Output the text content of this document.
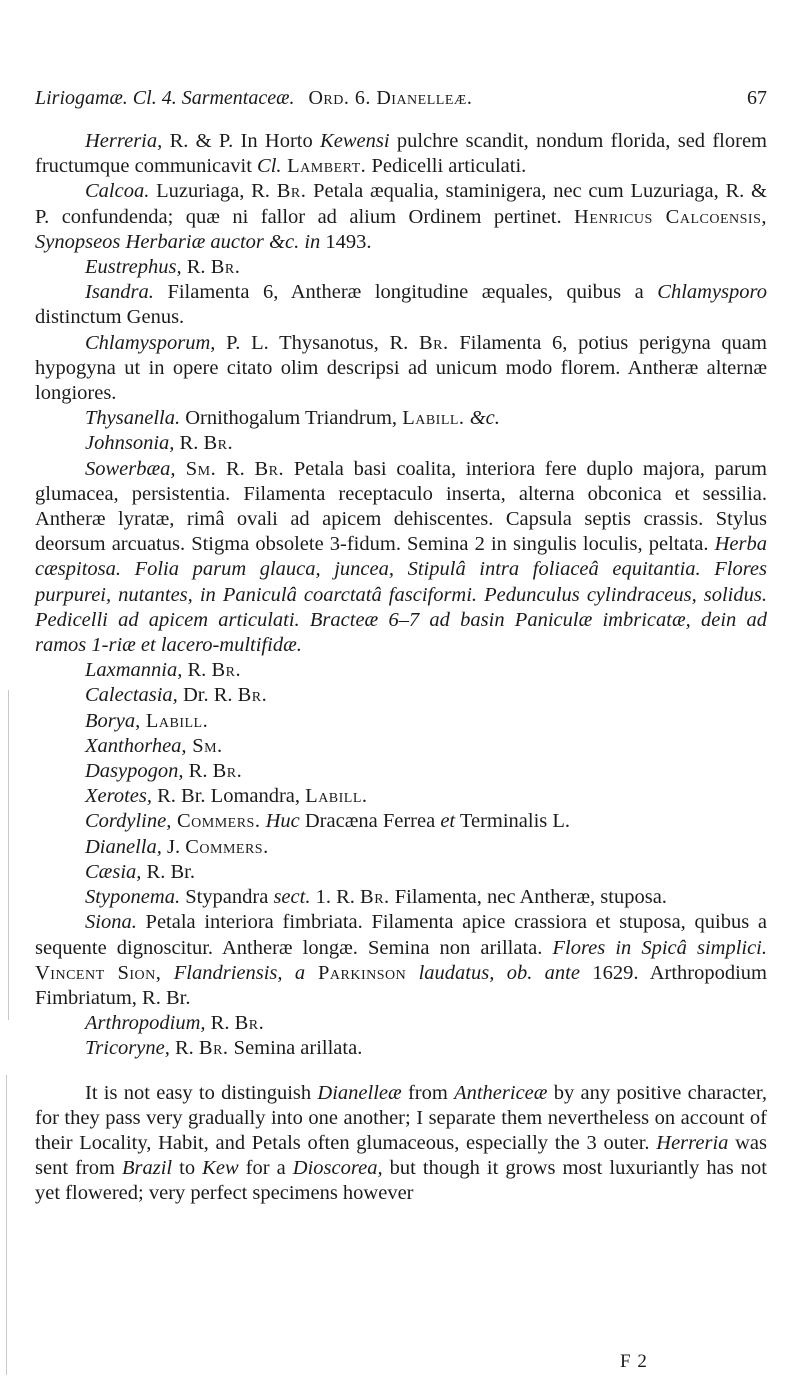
Liriogamæ. Cl. 4. Sarmentaceæ. Ord. 6. Dianelleæ.	67

Herreria, R. & P. In Horto Kewensi pulchre scandit, nondum florida, sed florem fructumque communicavit Cl. Lambert. Pedicelli articulati.

Calcoa. Luzuriaga, R. Br. Petala æqualia, staminigera, nec cum Luzuriaga, R. & P. confundenda; quæ ni fallor ad alium Ordinem pertinet. Henricus Calcoensis, Synopseos Herbariæ auctor &c. in 1493.

Eustrephus, R. Br.

Isandra. Filamenta 6, Antheræ longitudine æquales, quibus a Chlamysporo distinctum Genus.

Chlamysporum, P. L. Thysanotus, R. Br. Filamenta 6, potius perigyna quam hypogyna ut in opere citato olim descripsi ad unicum modo florem. Antheræ alternæ longiores.

Thysanella. Ornithogalum Triandrum, Labill. &c.

Johnsonia, R. Br.

Sowerbæa, Sm. R. Br. Petala basi coalita, interiora fere duplo majora, parum glumacea, persistentia. Filamenta receptaculo inserta, alterna obconica et sessilia. Antheræ lyratæ, rimâ ovali ad apicem dehiscentes. Capsula septis crassis. Stylus deorsum arcuatus. Stigma obsolete 3-fidum. Semina 2 in singulis loculis, peltata. Herba cæspitosa. Folia parum glauca, juncea, Stipulâ intra foliaceâ equitantia. Flores purpurei, nutantes, in Paniculâ coarctatâ fasciformi. Pedunculus cylindraceus, solidus. Pedicelli ad apicem articulati. Bracteæ 6–7 ad basin Paniculæ imbricatæ, dein ad ramos 1-riæ et lacero-multifidæ.

Laxmannia, R. Br.

Calectasia, Dr. R. Br.

Borya, Labill.

Xanthorhea, Sm.

Dasypogon, R. Br.

Xerotes, R. Br. Lomandra, Labill.

Cordyline, Commers. Huc Dracæna Ferrea et Terminalis L.

Dianella, J. Commers.

Cæsia, R. Br.

Styponema. Stypandra sect. 1. R. Br. Filamenta, nec Antheræ, stuposa.

Siona. Petala interiora fimbriata. Filamenta apice crassiora et stuposa, quibus a sequente dignoscitur. Antheræ longæ. Semina non arillata. Flores in Spicâ simplici. Vincent Sion, Flandriensis, a Parkinson laudatus, ob. ante 1629. Arthropodium Fimbriatum, R. Br.

Arthropodium, R. Br.

Tricoryne, R. Br. Semina arillata.

It is not easy to distinguish Dianelleæ from Anthericeæ by any positive character, for they pass very gradually into one another; I separate them nevertheless on account of their Locality, Habit, and Petals often glumaceous, especially the 3 outer. Herreria was sent from Brazil to Kew for a Dioscorea, but though it grows most luxuriantly has not yet flowered; very perfect specimens however

F 2
